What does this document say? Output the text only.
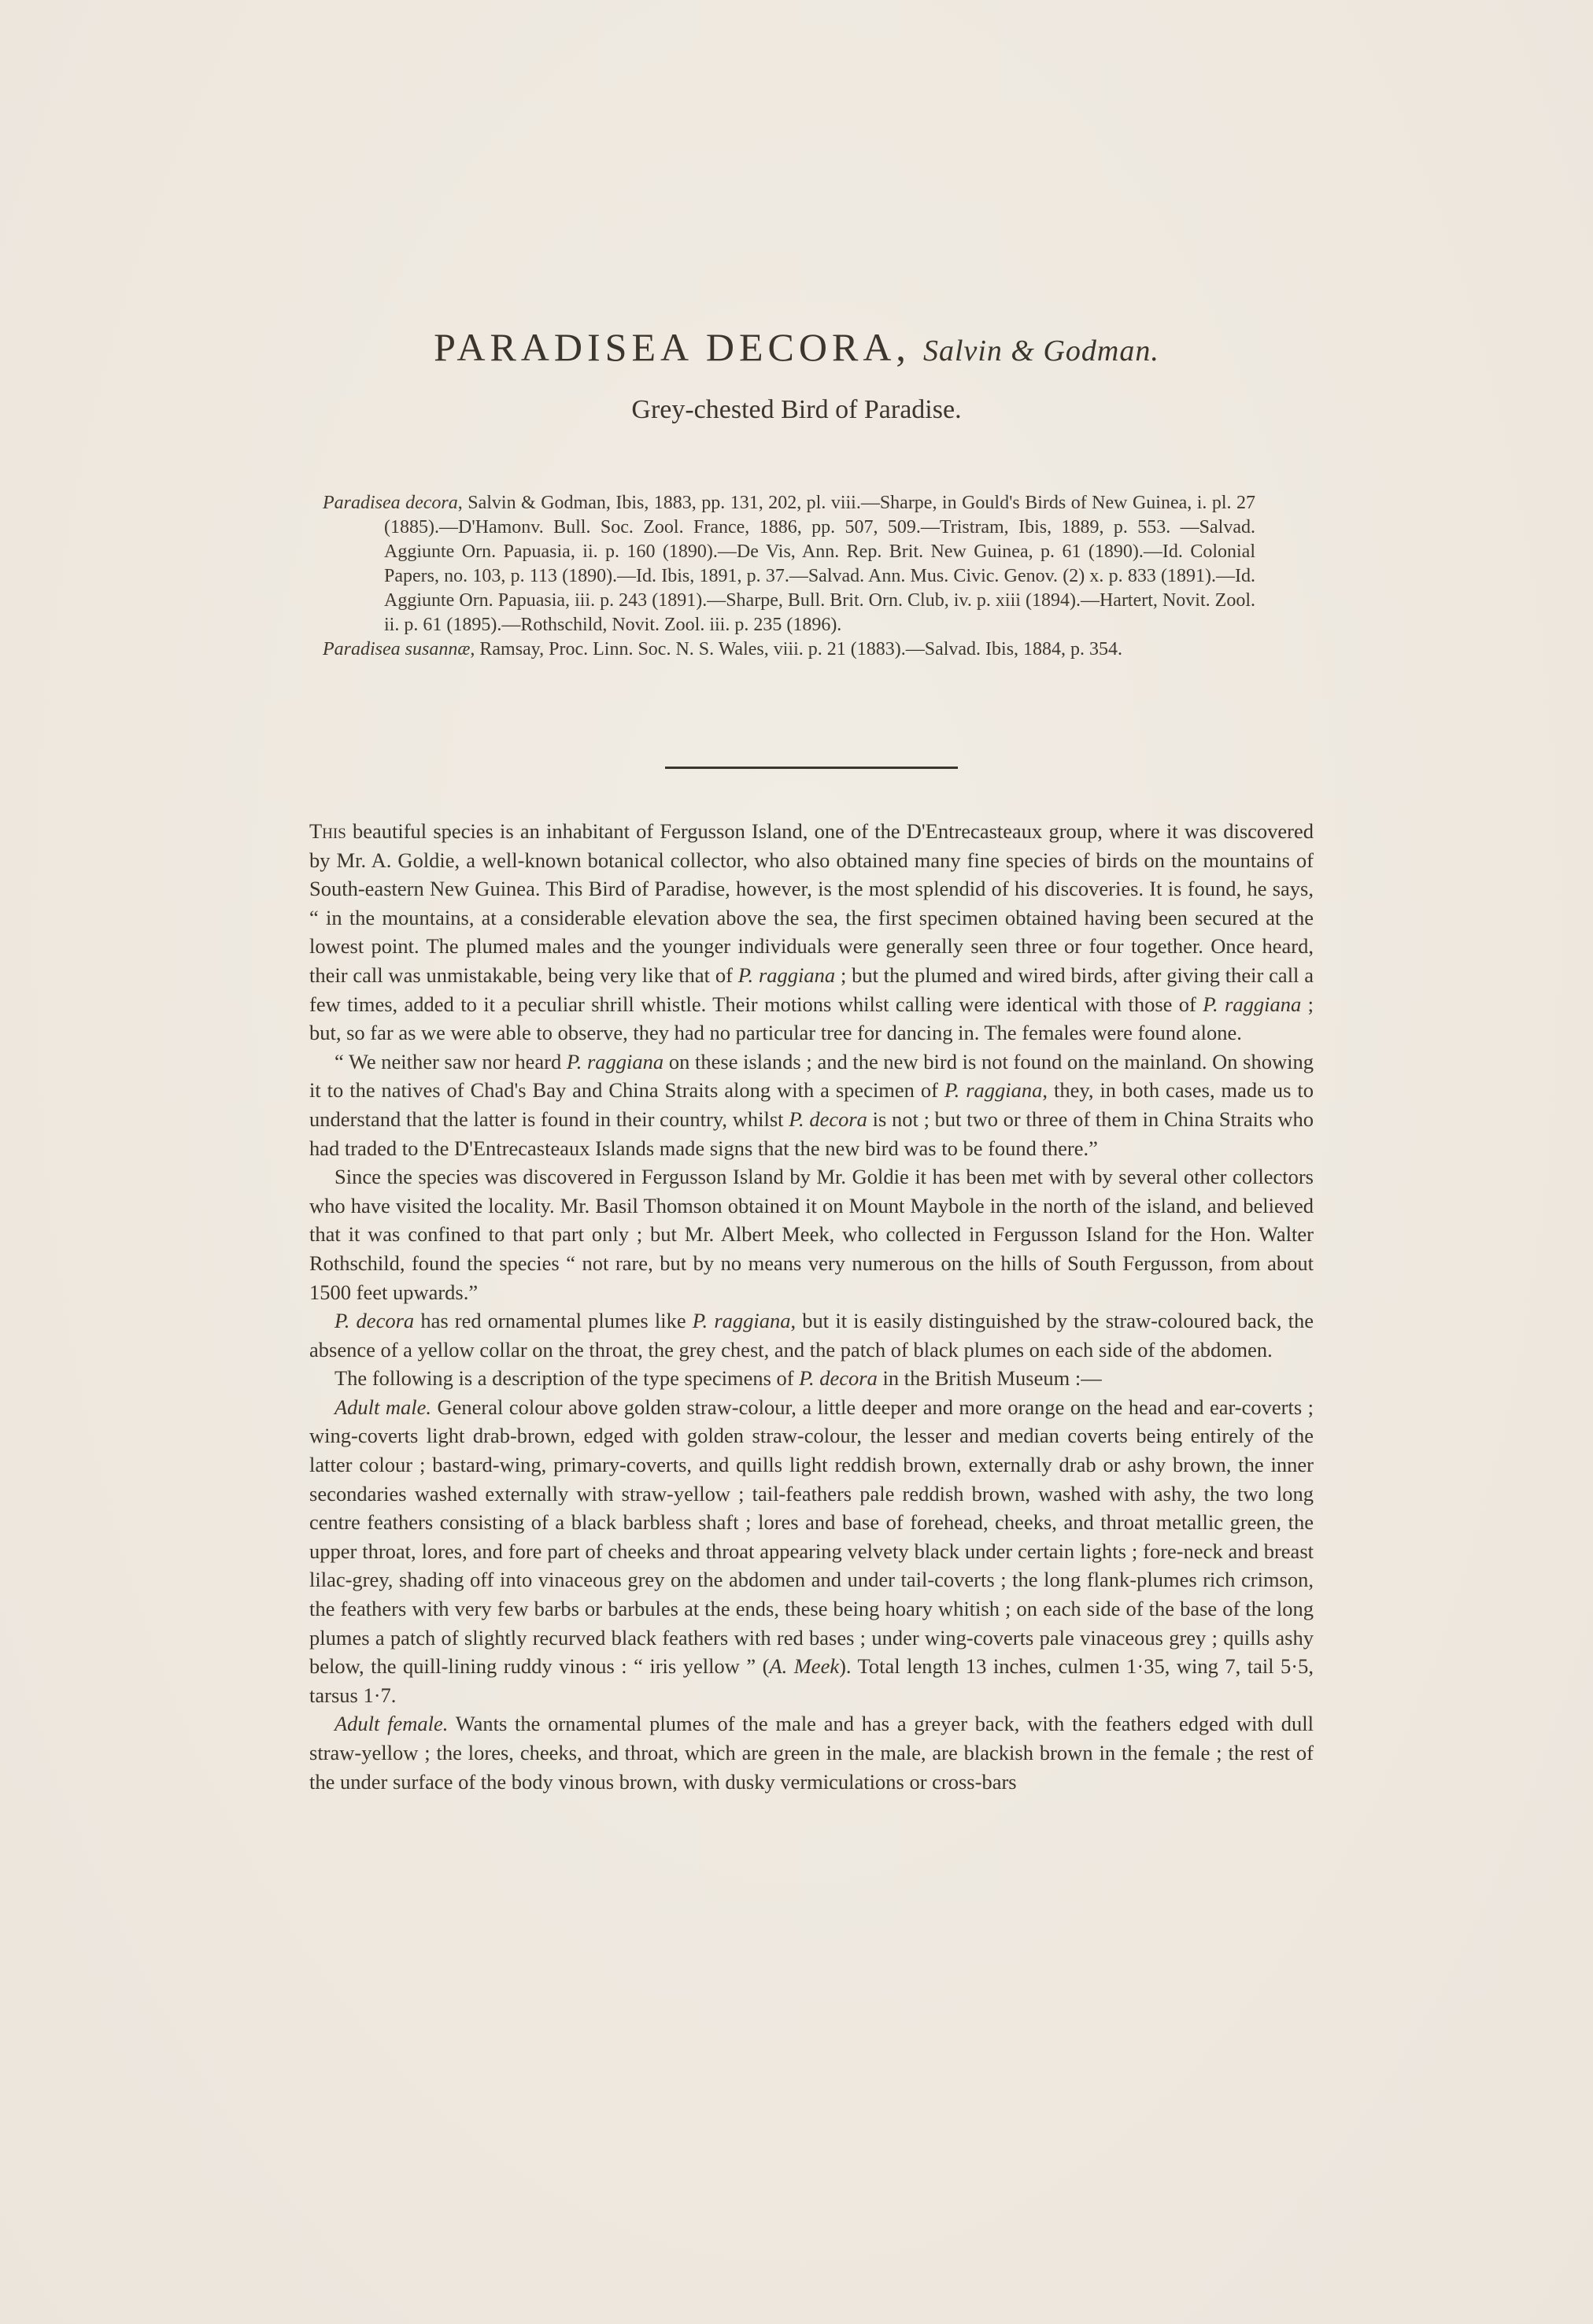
PARADISEA DECORA, Salvin & Godman.
Grey-chested Bird of Paradise.

Paradisea decora, Salvin & Godman, Ibis, 1883, pp. 131, 202, pl. viii.—Sharpe, in Gould's Birds of New Guinea, i. pl. 27 (1885).—D'Hamonv. Bull. Soc. Zool. France, 1886, pp. 507, 509.—Tristram, Ibis, 1889, p. 553. —Salvad. Aggiunte Orn. Papuasia, ii. p. 160 (1890).—De Vis, Ann. Rep. Brit. New Guinea, p. 61 (1890).—Id. Colonial Papers, no. 103, p. 113 (1890).—Id. Ibis, 1891, p. 37.—Salvad. Ann. Mus. Civic. Genov. (2) x. p. 833 (1891).—Id. Aggiunte Orn. Papuasia, iii. p. 243 (1891).—Sharpe, Bull. Brit. Orn. Club, iv. p. xiii (1894).—Hartert, Novit. Zool. ii. p. 61 (1895).—Rothschild, Novit. Zool. iii. p. 235 (1896).

Paradisea susannæ, Ramsay, Proc. Linn. Soc. N. S. Wales, viii. p. 21 (1883).—Salvad. Ibis, 1884, p. 354.

This beautiful species is an inhabitant of Fergusson Island, one of the D'Entrecasteaux group, where it was discovered by Mr. A. Goldie, a well-known botanical collector, who also obtained many fine species of birds on the mountains of South-eastern New Guinea. This Bird of Paradise, however, is the most splendid of his discoveries. It is found, he says, “ in the mountains, at a considerable elevation above the sea, the first specimen obtained having been secured at the lowest point. The plumed males and the younger individuals were generally seen three or four together. Once heard, their call was unmistakable, being very like that of P. raggiana ; but the plumed and wired birds, after giving their call a few times, added to it a peculiar shrill whistle. Their motions whilst calling were identical with those of P. raggiana ; but, so far as we were able to observe, they had no particular tree for dancing in. The females were found alone.

“ We neither saw nor heard P. raggiana on these islands ; and the new bird is not found on the mainland. On showing it to the natives of Chad's Bay and China Straits along with a specimen of P. raggiana, they, in both cases, made us to understand that the latter is found in their country, whilst P. decora is not ; but two or three of them in China Straits who had traded to the D'Entrecasteaux Islands made signs that the new bird was to be found there.”

Since the species was discovered in Fergusson Island by Mr. Goldie it has been met with by several other collectors who have visited the locality. Mr. Basil Thomson obtained it on Mount Maybole in the north of the island, and believed that it was confined to that part only ; but Mr. Albert Meek, who collected in Fergusson Island for the Hon. Walter Rothschild, found the species “ not rare, but by no means very numerous on the hills of South Fergusson, from about 1500 feet upwards.”

P. decora has red ornamental plumes like P. raggiana, but it is easily distinguished by the straw-coloured back, the absence of a yellow collar on the throat, the grey chest, and the patch of black plumes on each side of the abdomen.

The following is a description of the type specimens of P. decora in the British Museum :—

Adult male. General colour above golden straw-colour, a little deeper and more orange on the head and ear-coverts ; wing-coverts light drab-brown, edged with golden straw-colour, the lesser and median coverts being entirely of the latter colour ; bastard-wing, primary-coverts, and quills light reddish brown, externally drab or ashy brown, the inner secondaries washed externally with straw-yellow ; tail-feathers pale reddish brown, washed with ashy, the two long centre feathers consisting of a black barbless shaft ; lores and base of forehead, cheeks, and throat metallic green, the upper throat, lores, and fore part of cheeks and throat appearing velvety black under certain lights ; fore-neck and breast lilac-grey, shading off into vinaceous grey on the abdomen and under tail-coverts ; the long flank-plumes rich crimson, the feathers with very few barbs or barbules at the ends, these being hoary whitish ; on each side of the base of the long plumes a patch of slightly recurved black feathers with red bases ; under wing-coverts pale vinaceous grey ; quills ashy below, the quill-lining ruddy vinous : “ iris yellow ” (A. Meek). Total length 13 inches, culmen 1·35, wing 7, tail 5·5, tarsus 1·7.

Adult female. Wants the ornamental plumes of the male and has a greyer back, with the feathers edged with dull straw-yellow ; the lores, cheeks, and throat, which are green in the male, are blackish brown in the female ; the rest of the under surface of the body vinous brown, with dusky vermiculations or cross-bars
